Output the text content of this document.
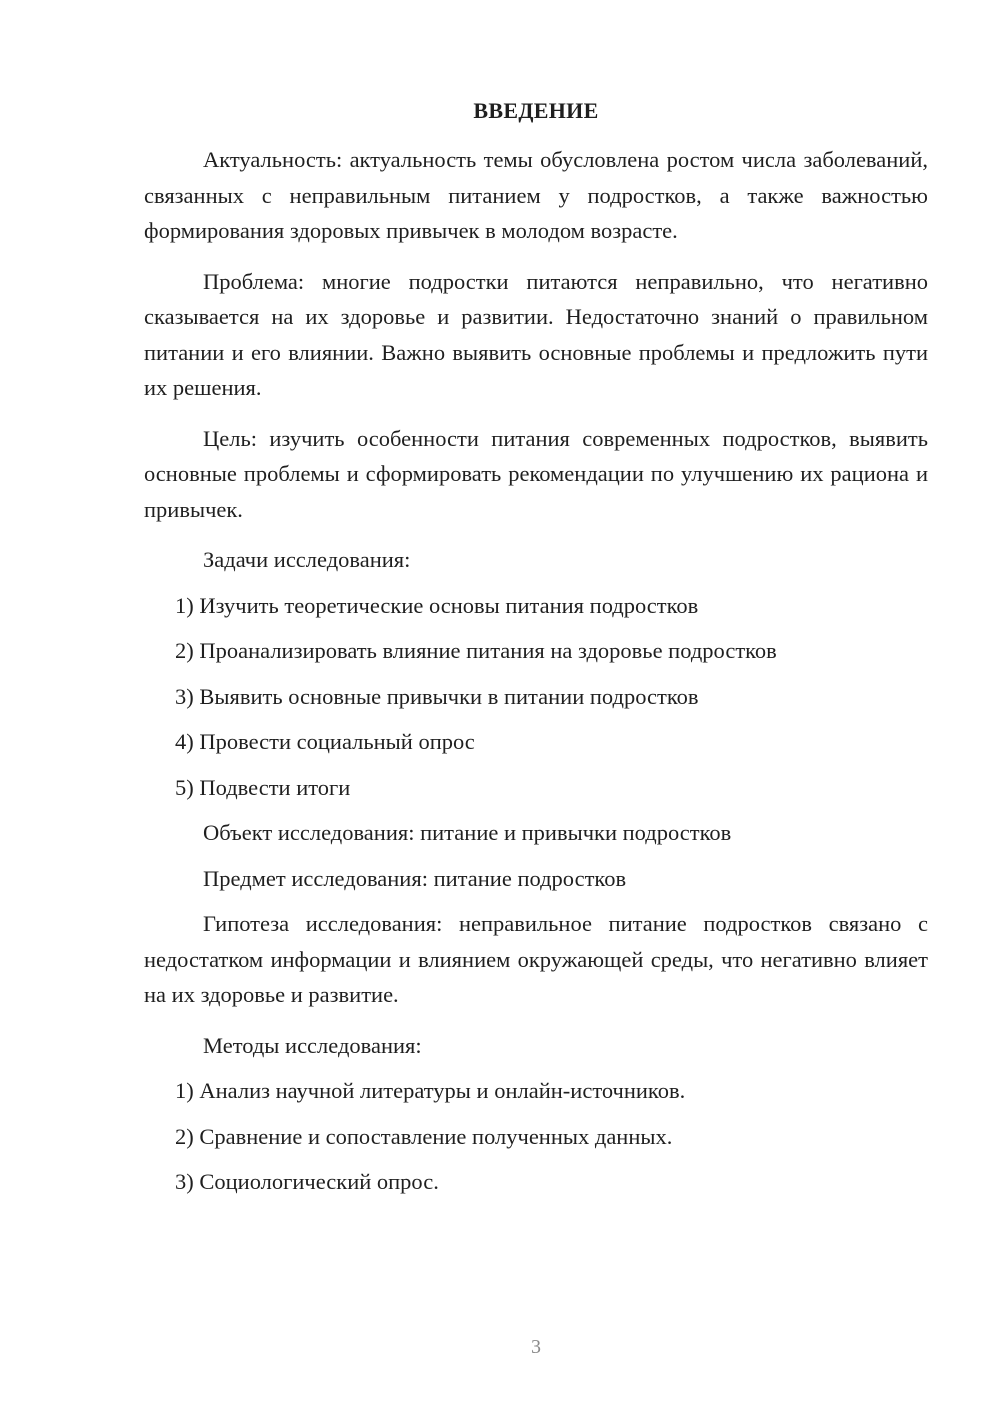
ВВЕДЕНИЕ

Актуальность: актуальность темы обусловлена ростом числа заболеваний, связанных с неправильным питанием у подростков, а также важностью формирования здоровых привычек в молодом возрасте.

Проблема: многие подростки питаются неправильно, что негативно сказывается на их здоровье и развитии. Недостаточно знаний о правильном питании и его влиянии. Важно выявить основные проблемы и предложить пути их решения.

Цель: изучить особенности питания современных подростков, выявить основные проблемы и сформировать рекомендации по улучшению их рациона и привычек.

Задачи исследования:
1) Изучить теоретические основы питания подростков
2) Проанализировать влияние питания на здоровье подростков
3) Выявить основные привычки в питании подростков
4) Провести социальный опрос
5) Подвести итоги
Объект исследования: питание и привычки подростков
Предмет исследования: питание подростков

Гипотеза исследования: неправильное питание подростков связано с недостатком информации и влиянием окружающей среды, что негативно влияет на их здоровье и развитие.

Методы исследования:
1) Анализ научной литературы и онлайн-источников.
2) Сравнение и сопоставление полученных данных.
3) Социологический опрос.
3
